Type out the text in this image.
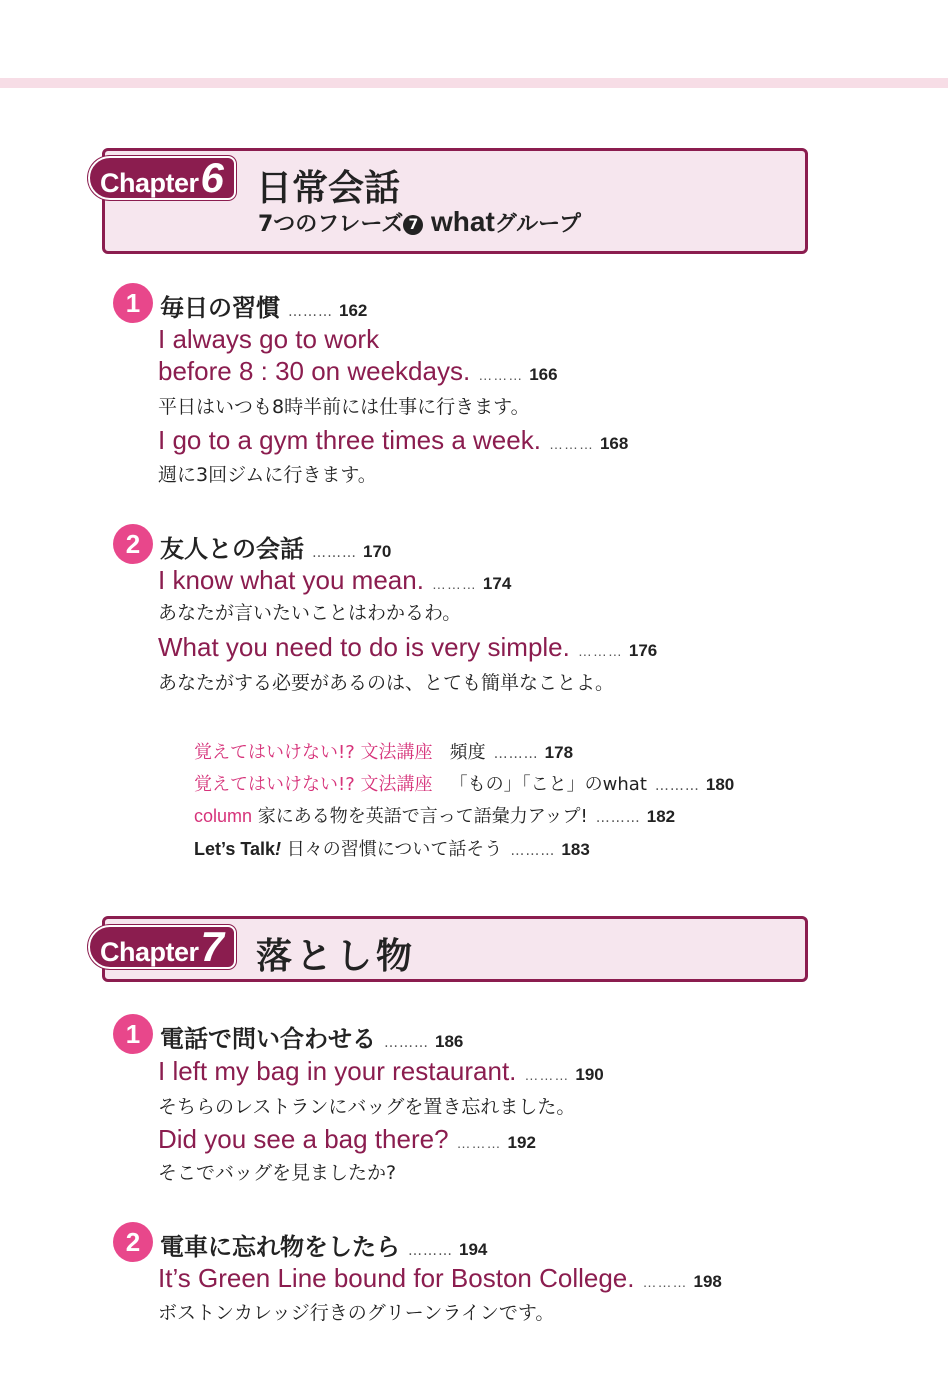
Chapter 6 日常会話
7つのフレーズ 7 whatグループ
1 毎日の習慣 ……… 162
I always go to work
before 8 : 30 on weekdays. ……… 166
平日はいつも8時半前には仕事に行きます。
I go to a gym three times a week. ……… 168
週に3回ジムに行きます。
2 友人との会話 ……… 170
I know what you mean. ……… 174
あなたが言いたいことはわかるわ。
What you need to do is very simple. ……… 176
あなたがする必要があるのは、とても簡単なことよ。
覚えてはいけない!? 文法講座 頻度 ……… 178
覚えてはいけない!? 文法講座 「もの」「こと」のwhat ……… 180
column 家にある物を英語で言って語彙力アップ! ……… 182
Let’s Talk! 日々の習慣について話そう ……… 183
Chapter 7 落とし物
1 電話で問い合わせる ……… 186
I left my bag in your restaurant. ……… 190
そちらのレストランにバッグを置き忘れました。
Did you see a bag there? ……… 192
そこでバッグを見ましたか?
2 電車に忘れ物をしたら ……… 194
It’s Green Line bound for Boston College. ……… 198
ボストンカレッジ行きのグリーンラインです。
